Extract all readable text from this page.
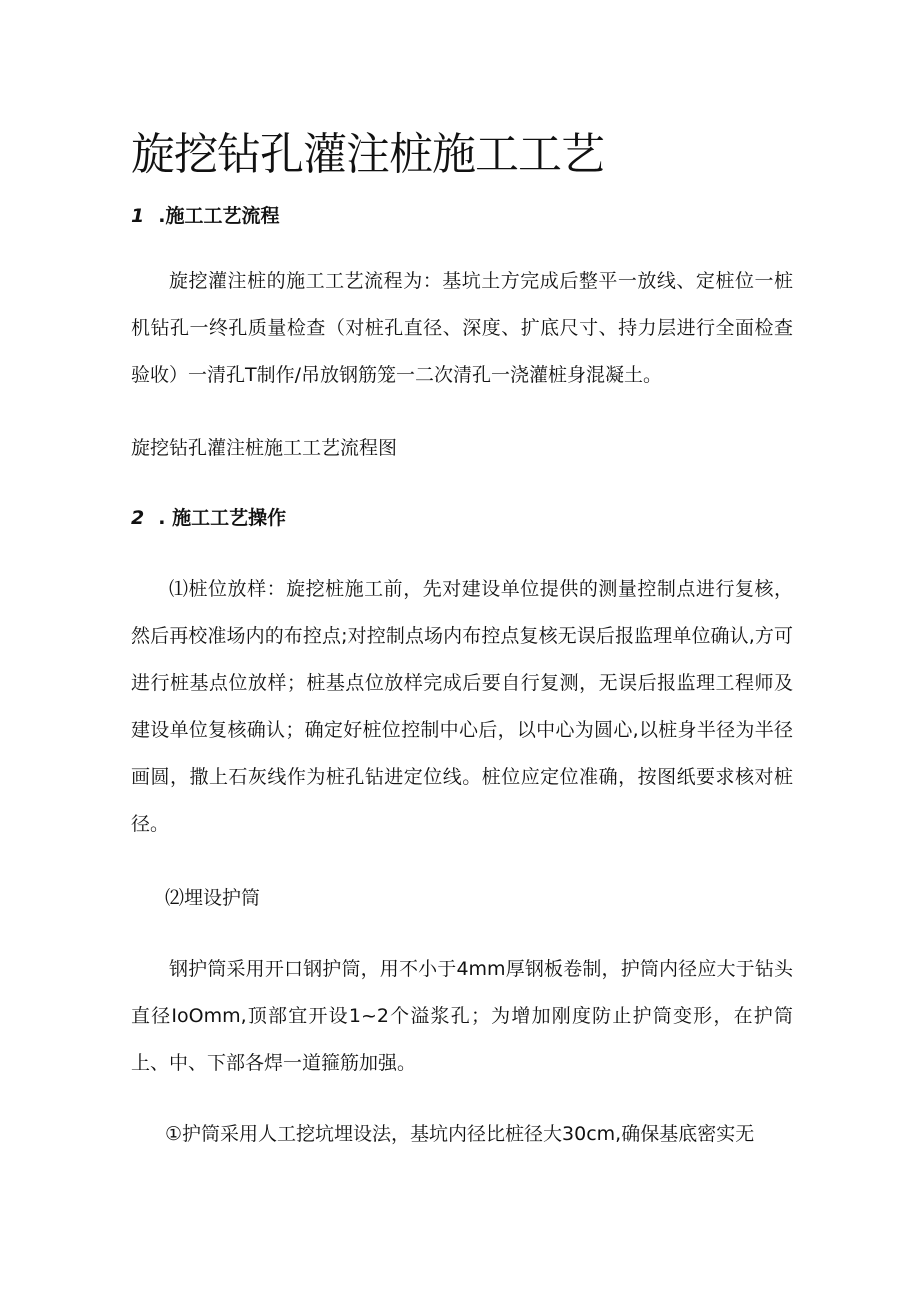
旋挖钻孔灌注桩施工工艺
1 .施工工艺流程

旋挖灌注桩的施工工艺流程为：基坑土方完成后整平一放线、定桩位一桩机钻孔一终孔质量检查（对桩孔直径、深度、扩底尺寸、持力层进行全面检查验收）一清孔T制作/吊放钢筋笼一二次清孔一浇灌桩身混凝土。

旋挖钻孔灌注桩施工工艺流程图

2 . 施工工艺操作

⑴桩位放样：旋挖桩施工前，先对建设单位提供的测量控制点进行复核，然后再校准场内的布控点;对控制点场内布控点复核无误后报监理单位确认,方可进行桩基点位放样；桩基点位放样完成后要自行复测，无误后报监理工程师及建设单位复核确认；确定好桩位控制中心后，以中心为圆心,以桩身半径为半径画圆，撒上石灰线作为桩孔钻进定位线。桩位应定位准确，按图纸要求核对桩径。

⑵埋设护筒

钢护筒采用开口钢护筒，用不小于4mm厚钢板卷制，护筒内径应大于钻头直径IoOmm,顶部宜开设1~2个溢浆孔；为增加刚度防止护筒变形，在护筒上、中、下部各焊一道箍筋加强。

①护筒采用人工挖坑埋设法，基坑内径比桩径大30cm,确保基底密实无
